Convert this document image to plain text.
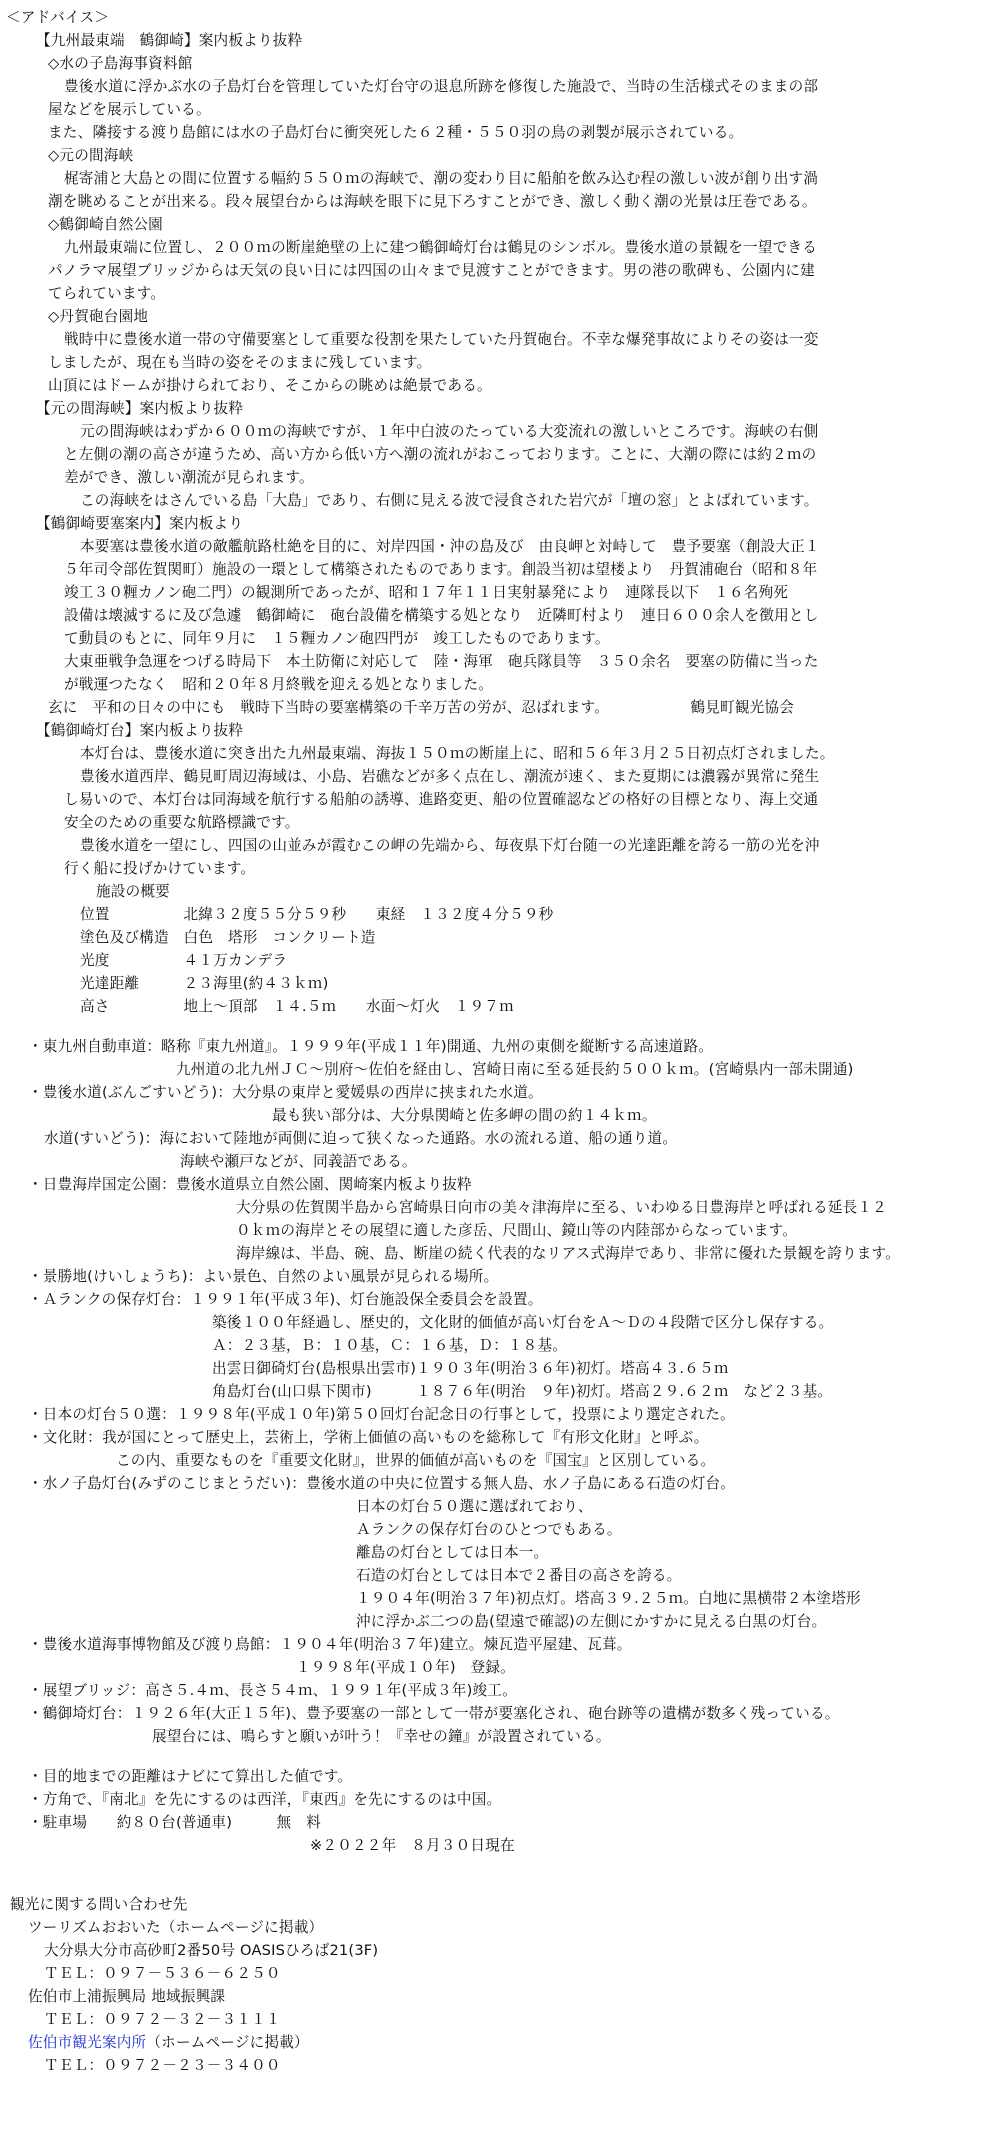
＜アドバイス＞
【九州最東端　鶴御崎】案内板より抜粋
◇水の子島海事資料館
豊後水道に浮かぶ水の子島灯台を管理していた灯台守の退息所跡を修復した施設で、当時の生活様式そのままの部
屋などを展示している。
また、隣接する渡り島館には水の子島灯台に衝突死した６２種・５５０羽の鳥の剥製が展示されている。
◇元の間海峡
梶寄浦と大島との間に位置する幅約５５０ｍの海峡で、潮の変わり目に船舶を飲み込む程の激しい波が創り出す渦
潮を眺めることが出来る。段々展望台からは海峡を眼下に見下ろすことができ、激しく動く潮の光景は圧巻である。
◇鶴御崎自然公園
九州最東端に位置し、２００ｍの断崖絶壁の上に建つ鶴御崎灯台は鶴見のシンボル。豊後水道の景観を一望できる
パノラマ展望ブリッジからは天気の良い日には四国の山々まで見渡すことができます。男の港の歌碑も、公園内に建
てられています。
◇丹賀砲台園地
戦時中に豊後水道一帯の守備要塞として重要な役割を果たしていた丹賀砲台。不幸な爆発事故によりその姿は一変
しましたが、現在も当時の姿をそのままに残しています。
山頂にはドームが掛けられており、そこからの眺めは絶景である。
【元の間海峡】案内板より抜粋
元の間海峡はわずか６００ｍの海峡ですが、１年中白波のたっている大変流れの激しいところです。海峡の右側
と左側の潮の高さが違うため、高い方から低い方へ潮の流れがおこっております。ことに、大潮の際には約２ｍの
差ができ、激しい潮流が見られます。
この海峡をはさんでいる島「大島」であり、右側に見える波で浸食された岩穴が「壇の窓」とよばれています。
【鶴御崎要塞案内】案内板より
本要塞は豊後水道の敵艦航路杜絶を目的に、対岸四国・沖の島及び　由良岬と対峙して　豊予要塞（創設大正１
５年司令部佐賀関町）施設の一環として構築されたものであります。創設当初は望楼より　丹賀浦砲台（昭和８年
竣工３０糎カノン砲二門）の観測所であったが、昭和１７年１１日実射暴発により　連隊長以下　１６名殉死
設備は壊滅するに及び急遽　鶴御崎に　砲台設備を構築する処となり　近隣町村より　連日６００余人を徴用とし
て動員のもとに、同年９月に　１５糎カノン砲四門が　竣工したものであります。
大東亜戦争急運をつげる時局下　本土防衛に対応して　陸・海軍　砲兵隊員等　３５０余名　要塞の防備に当った
が戦運つたなく　昭和２０年８月終戦を迎える処となりました。
玄に　平和の日々の中にも　戦時下当時の要塞構築の千辛万苦の労が、忍ばれます。　　　　　　鶴見町観光協会
【鶴御崎灯台】案内板より抜粋
本灯台は、豊後水道に突き出た九州最東端、海抜１５０ｍの断崖上に、昭和５６年３月２５日初点灯されました。
豊後水道西岸、鶴見町周辺海域は、小島、岩礁などが多く点在し、潮流が速く、また夏期には濃霧が異常に発生
し易いので、本灯台は同海域を航行する船舶の誘導、進路変更、船の位置確認などの格好の目標となり、海上交通
安全のための重要な航路標識です。
豊後水道を一望にし、四国の山並みが霞むこの岬の先端から、毎夜県下灯台随一の光達距離を誇る一筋の光を沖
行く船に投げかけています。
施設の概要
位置　　　　　北緯３２度５５分５９秒　　東経　１３２度４分５９秒
塗色及び構造　白色　塔形　コンクリート造
光度　　　　　４１万カンデラ
光達距離　　　２３海里(約４３ｋｍ)
高さ　　　　　地上～頂部　１４.５ｍ　　水面～灯火　１９７ｍ
・東九州自動車道：略称『東九州道』。１９９９年(平成１１年)開通、九州の東側を縦断する高速道路。
九州道の北九州ＪＣ～別府～佐伯を経由し、宮崎日南に至る延長約５００ｋｍ。(宮崎県内一部未開通)
・豊後水道(ぶんごすいどう)：大分県の東岸と愛媛県の西岸に挟まれた水道。
最も狭い部分は、大分県関崎と佐多岬の間の約１４ｋｍ。
水道(すいどう)：海において陸地が両側に迫って狭くなった通路。水の流れる道、船の通り道。
海峡や瀬戸などが、同義語である。
・日豊海岸国定公園：豊後水道県立自然公園、関崎案内板より抜粋
大分県の佐賀関半島から宮崎県日向市の美々津海岸に至る、いわゆる日豊海岸と呼ばれる延長１２
０ｋｍの海岸とその展望に適した彦岳、尺間山、鏡山等の内陸部からなっています。
海岸線は、半島、碗、島、断崖の続く代表的なリアス式海岸であり、非常に優れた景観を誇ります。
・景勝地(けいしょうち)：よい景色、自然のよい風景が見られる場所。
・Ａランクの保存灯台：１９９１年(平成３年)、灯台施設保全委員会を設置。
築後１００年経過し、歴史的，文化財的価値が高い灯台をＡ～Ｄの４段階で区分し保存する。
Ａ：２３基，Ｂ：１０基，Ｃ：１６基，Ｄ：１８基。
出雲日御碕灯台(島根県出雲市)１９０３年(明治３６年)初灯。塔高４３.６５ｍ
角島灯台(山口県下関市)　　　１８７６年(明治　９年)初灯。塔高２９.６２ｍ　など２３基。
・日本の灯台５０選：１９９８年(平成１０年)第５０回灯台記念日の行事として，投票により選定された。
・文化財：我が国にとって歴史上，芸術上，学術上価値の高いものを総称して『有形文化財』と呼ぶ。
この内、重要なものを『重要文化財』，世界的価値が高いものを『国宝』と区別している。
・水ノ子島灯台(みずのこじまとうだい)：豊後水道の中央に位置する無人島、水ノ子島にある石造の灯台。
日本の灯台５０選に選ばれており、
Ａランクの保存灯台のひとつでもある。
離島の灯台としては日本一。
石造の灯台としては日本で２番目の高さを誇る。
１９０４年(明治３７年)初点灯。塔高３９.２５ｍ。白地に黒横帯２本塗塔形
沖に浮かぶ二つの島(望遠で確認)の左側にかすかに見える白黒の灯台。
・豊後水道海事博物館及び渡り鳥館：１９０４年(明治３７年)建立。煉瓦造平屋建、瓦葺。
１９９８年(平成１０年)　登録。
・展望ブリッジ：高さ５.４ｍ、長さ５４ｍ、１９９１年(平成３年)竣工。
・鶴御埼灯台：１９２６年(大正１５年)、豊予要塞の一部として一帯が要塞化され、砲台跡等の遺構が数多く残っている。
展望台には、鳴らすと願いが叶う！『幸せの鐘』が設置されている。
・目的地までの距離はナビにて算出した値です。
・方角で、『南北』を先にするのは西洋，『東西』を先にするのは中国。
・駐車場　　約８０台(普通車)　　　無　料
※２０２２年　８月３０日現在
観光に関する問い合わせ先
ツーリズムおおいた（ホームページに掲載）
大分県大分市高砂町2番50号 OASISひろば21(3F)
ＴＥＬ：０９７－５３６－６２５０
佐伯市上浦振興局 地域振興課
ＴＥＬ：０９７２－３２－３１１１
佐伯市観光案内所（ホームページに掲載）
ＴＥＬ：０９７２－２３－３４００
